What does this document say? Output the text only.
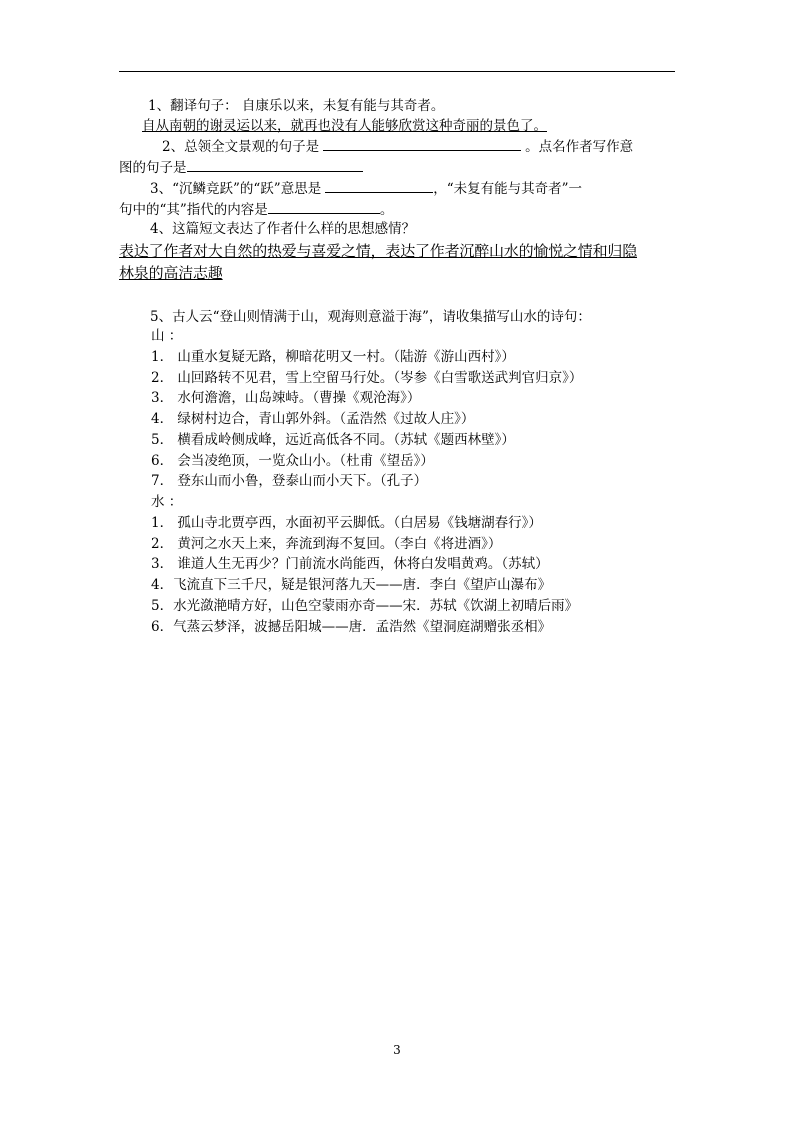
1、翻译句子： 自康乐以来，未复有能与其奇者。
自从南朝的谢灵运以来，就再也没有人能够欣赏这种奇丽的景色了。
2、总领全文景观的句子是	。点名作者写作意
图的句子是
3、“沉鳞竞跃”的“跃”意思是	，“未复有能与其奇者”一
句中的“其”指代的内容是	。
4、这篇短文表达了作者什么样的思想感情？
表达了作者对大自然的热爱与喜爱之情，表达了作者沉醉山水的愉悦之情和归隐
林泉的高洁志趣
5、古人云“登山则情满于山，观海则意溢于海”，请收集描写山水的诗句：
山 ：
1． 山重水复疑无路，柳暗花明又一村。（陆游《游山西村》）
2． 山回路转不见君，雪上空留马行处。（岑参《白雪歌送武判官归京》）
3． 水何澹澹，山岛竦峙。（曹操《观沧海》）
4． 绿树村边合，青山郭外斜。（孟浩然《过故人庄》）
5． 横看成岭侧成峰，远近高低各不同。（苏轼《题西林壁》）
6． 会当凌绝顶，一览众山小。（杜甫《望岳》）
7． 登东山而小鲁，登泰山而小天下。（孔子）
水 ：
1． 孤山寺北贾亭西，水面初平云脚低。（白居易《钱塘湖春行》）
2． 黄河之水天上来，奔流到海不复回。（李白《将进酒》）
3． 谁道人生无再少？门前流水尚能西，休将白发唱黄鸡。（苏轼）
4．飞流直下三千尺，疑是银河落九天——唐．李白《望庐山瀑布》
5．水光潋滟晴方好，山色空蒙雨亦奇——宋．苏轼《饮湖上初晴后雨》
6．气蒸云梦泽，波撼岳阳城——唐．孟浩然《望洞庭湖赠张丞相》
3
